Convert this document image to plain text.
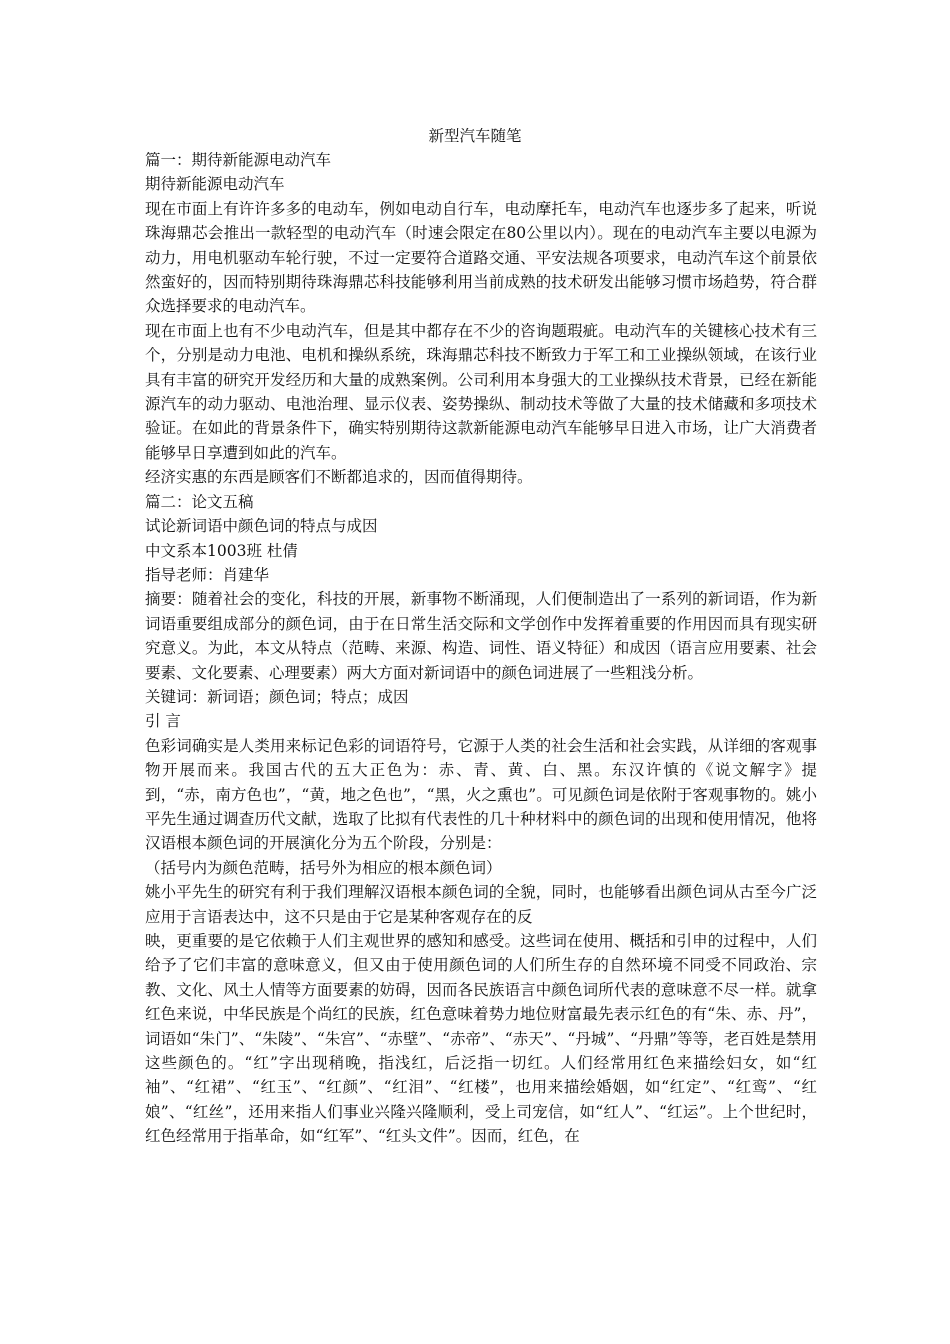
新型汽车随笔

篇一：期待新能源电动汽车

期待新能源电动汽车

现在市面上有许许多多的电动车，例如电动自行车，电动摩托车，电动汽车也逐步多了起来，听说珠海鼎芯会推出一款轻型的电动汽车（时速会限定在80公里以内）。现在的电动汽车主要以电源为动力，用电机驱动车轮行驶，不过一定要符合道路交通、平安法规各项要求，电动汽车这个前景依然蛮好的，因而特别期待珠海鼎芯科技能够利用当前成熟的技术研发出能够习惯市场趋势，符合群众选择要求的电动汽车。

现在市面上也有不少电动汽车，但是其中都存在不少的咨询题瑕疵。电动汽车的关键核心技术有三个，分别是动力电池、电机和操纵系统，珠海鼎芯科技不断致力于军工和工业操纵领域，在该行业具有丰富的研究开发经历和大量的成熟案例。公司利用本身强大的工业操纵技术背景，已经在新能源汽车的动力驱动、电池治理、显示仪表、姿势操纵、制动技术等做了大量的技术储藏和多项技术验证。在如此的背景条件下，确实特别期待这款新能源电动汽车能够早日进入市场，让广大消费者能够早日享遭到如此的汽车。

经济实惠的东西是顾客们不断都追求的，因而值得期待。

篇二：论文五稿

试论新词语中颜色词的特点与成因

中文系本1003班 杜倩

指导老师：肖建华

摘要：随着社会的变化，科技的开展，新事物不断涌现，人们便制造出了一系列的新词语，作为新词语重要组成部分的颜色词，由于在日常生活交际和文学创作中发挥着重要的作用因而具有现实研究意义。为此，本文从特点（范畴、来源、构造、词性、语义特征）和成因（语言应用要素、社会要素、文化要素、心理要素）两大方面对新词语中的颜色词进展了一些粗浅分析。

关键词：新词语；颜色词；特点；成因

引 言

色彩词确实是人类用来标记色彩的词语符号，它源于人类的社会生活和社会实践，从详细的客观事物开展而来。我国古代的五大正色为：赤、青、黄、白、黑。东汉许慎的《说文解字》提到，“赤，南方色也”，“黄，地之色也”，“黑，火之熏也”。可见颜色词是依附于客观事物的。姚小平先生通过调查历代文献，选取了比拟有代表性的几十种材料中的颜色词的出现和使用情况，他将汉语根本颜色词的开展演化分为五个阶段，分别是：

（括号内为颜色范畴，括号外为相应的根本颜色词）

姚小平先生的研究有利于我们理解汉语根本颜色词的全貌，同时，也能够看出颜色词从古至今广泛应用于言语表达中，这不只是由于它是某种客观存在的反

映，更重要的是它依赖于人们主观世界的感知和感受。这些词在使用、概括和引申的过程中，人们给予了它们丰富的意味意义，但又由于使用颜色词的人们所生存的自然环境不同受不同政治、宗教、文化、风土人情等方面要素的妨碍，因而各民族语言中颜色词所代表的意味意不尽一样。就拿红色来说，中华民族是个尚红的民族，红色意味着势力地位财富最先表示红色的有“朱、赤、丹”，词语如“朱门”、“朱陵”、“朱宫”、“赤壁”、“赤帝”、“赤天”、“丹城”、“丹鼎”等等，老百姓是禁用这些颜色的。“红”字出现稍晚，指浅红，后泛指一切红。人们经常用红色来描绘妇女，如“红袖”、“红裙”、“红玉”、“红颜”、“红泪”、“红楼”，也用来描绘婚姻，如“红定”、“红鸾”、“红娘”、“红丝”，还用来指人们事业兴隆兴隆顺利，受上司宠信，如“红人”、“红运”。上个世纪时，红色经常用于指革命，如“红军”、“红头文件”。因而，红色，在
